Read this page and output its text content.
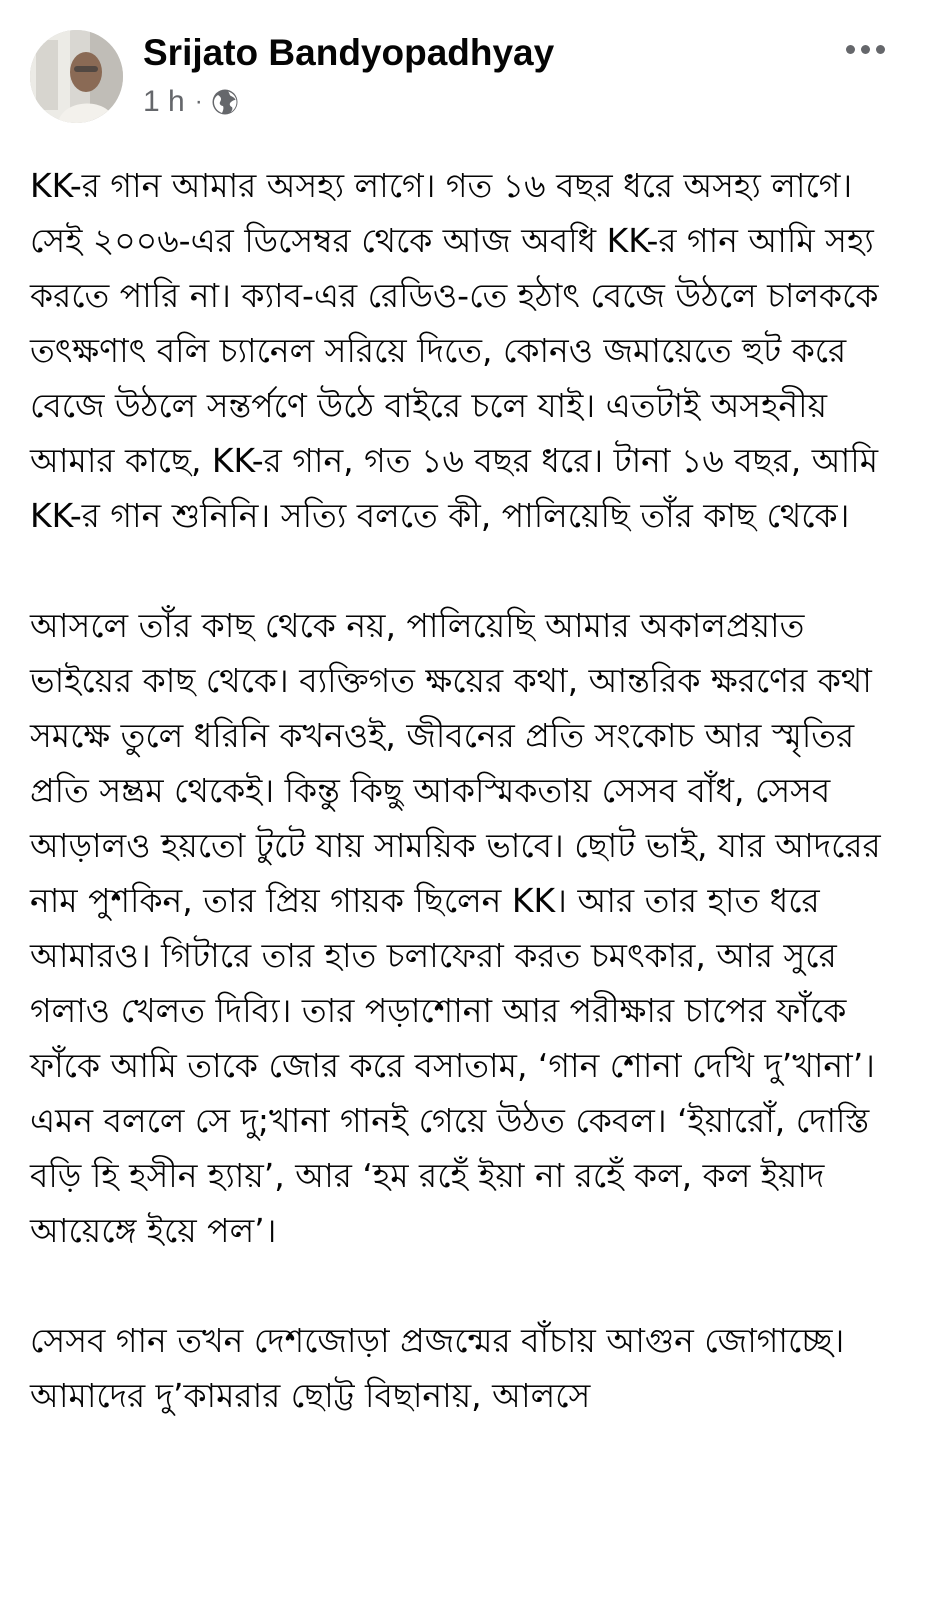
Srijato Bandyopadhyay
1 h ·

KK-র গান আমার অসহ্য লাগে। গত ১৬ বছর ধরে অসহ্য লাগে। সেই ২০০৬-এর ডিসেম্বর থেকে আজ অবধি KK-র গান আমি সহ্য করতে পারি না। ক্যাব-এর রেডিও-তে হঠাৎ বেজে উঠলে চালককে তৎক্ষণাৎ বলি চ্যানেল সরিয়ে দিতে, কোনও জমায়েতে হুট করে বেজে উঠলে সন্তর্পণে উঠে বাইরে চলে যাই। এতটাই অসহনীয় আমার কাছে, KK-র গান, গত ১৬ বছর ধরে। টানা ১৬ বছর, আমি KK-র গান শুনিনি। সত্যি বলতে কী, পালিয়েছি তাঁর কাছ থেকে।

আসলে তাঁর কাছ থেকে নয়, পালিয়েছি আমার অকালপ্রয়াত ভাইয়ের কাছ থেকে। ব্যক্তিগত ক্ষয়ের কথা, আন্তরিক ক্ষরণের কথা সমক্ষে তুলে ধরিনি কখনওই, জীবনের প্রতি সংকোচ আর স্মৃতির প্রতি সম্ভ্রম থেকেই। কিন্তু কিছু আকস্মিকতায় সেসব বাঁধ, সেসব আড়ালও হয়তো টুটে যায় সাময়িক ভাবে। ছোট ভাই, যার আদরের নাম পুশকিন, তার প্রিয় গায়ক ছিলেন KK। আর তার হাত ধরে আমারও। গিটারে তার হাত চলাফেরা করত চমৎকার, আর সুরে গলাও খেলত দিব্যি। তার পড়াশোনা আর পরীক্ষার চাপের ফাঁকে ফাঁকে আমি তাকে জোর করে বসাতাম, ‘গান শোনা দেখি দু’খানা’। এমন বললে সে দু;খানা গানই গেয়ে উঠত কেবল। ‘ইয়ারোঁ, দোস্তি বড়ি হি হসীন হ্যায়’, আর ‘হম রহেঁ ইয়া না রহেঁ কল, কল ইয়াদ আয়েঙ্গে ইয়ে পল’।

সেসব গান তখন দেশজোড়া প্রজন্মের বাঁচায় আগুন জোগাচ্ছে। আমাদের দু’কামরার ছোট্ট বিছানায়, আলসে
